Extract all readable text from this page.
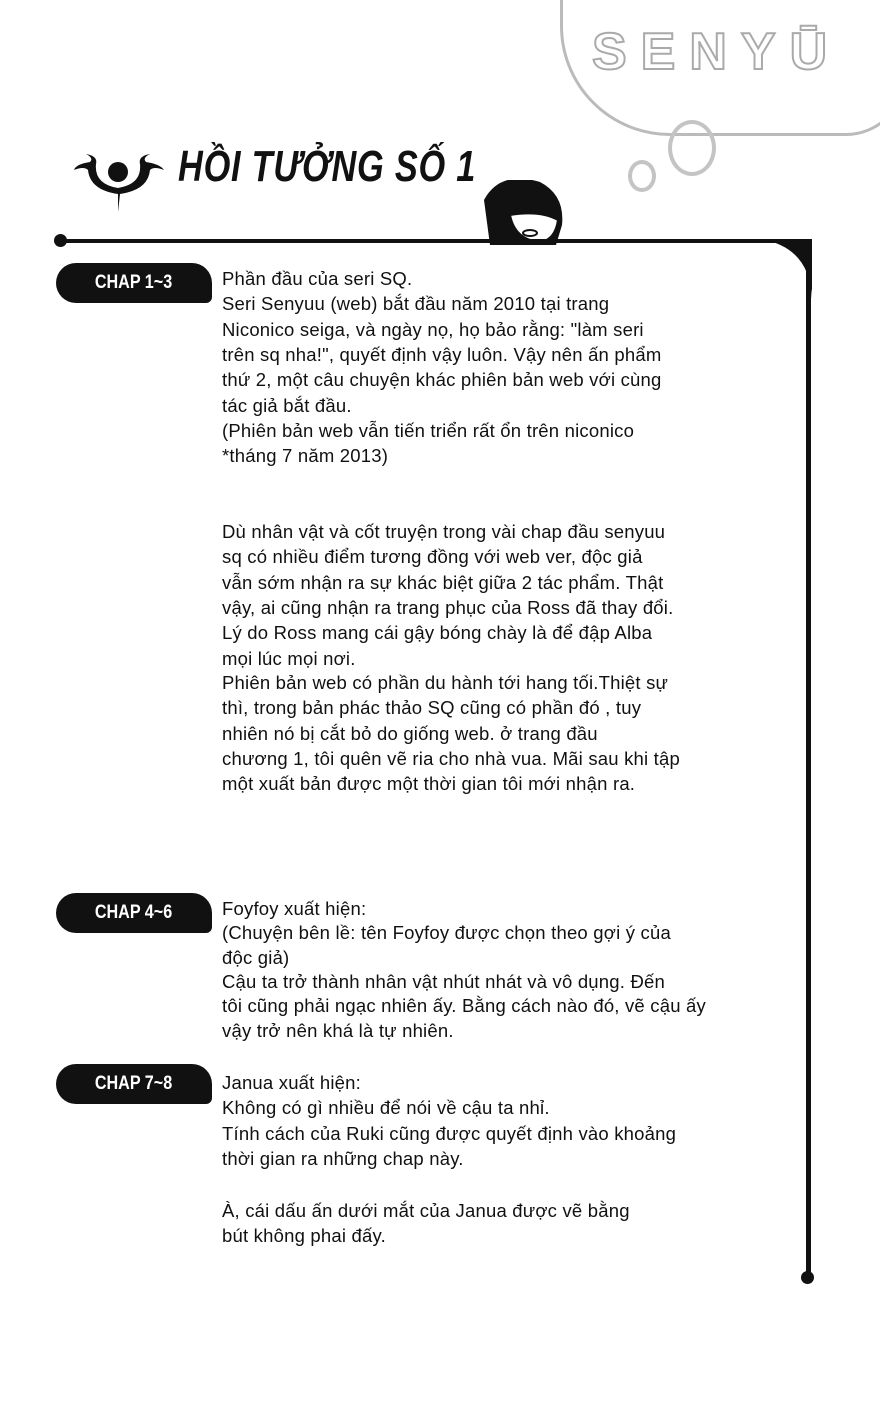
SENYŪ
HỒI TƯỞNG SỐ 1
CHAP 1~3	Phần đầu của seri SQ.
Seri Senyuu (web) bắt đầu năm 2010 tại trang
Niconico seiga, và ngày nọ, họ bảo rằng: "làm seri
trên sq nha!", quyết định vậy luôn. Vậy nên ấn phẩm
thứ 2, một câu chuyện khác phiên bản web với cùng
tác giả bắt đầu.
(Phiên bản web vẫn tiến triển rất ổn trên niconico
*tháng 7 năm 2013)
Dù nhân vật và cốt truyện trong vài chap đầu senyuu
sq có nhiều điểm tương đồng với web ver, độc giả
vẫn sớm nhận ra sự khác biệt giữa 2 tác phẩm. Thật
vậy, ai cũng nhận ra trang phục của Ross đã thay đổi.
Lý do Ross mang cái gậy bóng chày là để đập Alba
mọi lúc mọi nơi.
Phiên bản web có phần du hành tới hang tối.Thiệt sự
thì, trong bản phác thảo SQ cũng có phần đó , tuy
nhiên nó bị cắt bỏ do giống web. ở trang đầu
chương 1, tôi quên vẽ ria cho nhà vua. Mãi sau khi tập
một xuất bản được một thời gian tôi mới nhận ra.
CHAP 4~6	Foyfoy xuất hiện:
(Chuyện bên lề: tên Foyfoy được chọn theo gợi ý của
độc giả)
Cậu ta trở thành nhân vật nhút nhát và vô dụng. Đến
tôi cũng phải ngạc nhiên ấy. Bằng cách nào đó, vẽ cậu ấy
vậy trở nên khá là tự nhiên.
CHAP 7~8	Janua xuất hiện:
Không có gì nhiều để nói về cậu ta nhỉ.
Tính cách của Ruki cũng được quyết định vào khoảng
thời gian ra những chap này.
À, cái dấu ấn dưới mắt của Janua được vẽ bằng
bút không phai đấy.
